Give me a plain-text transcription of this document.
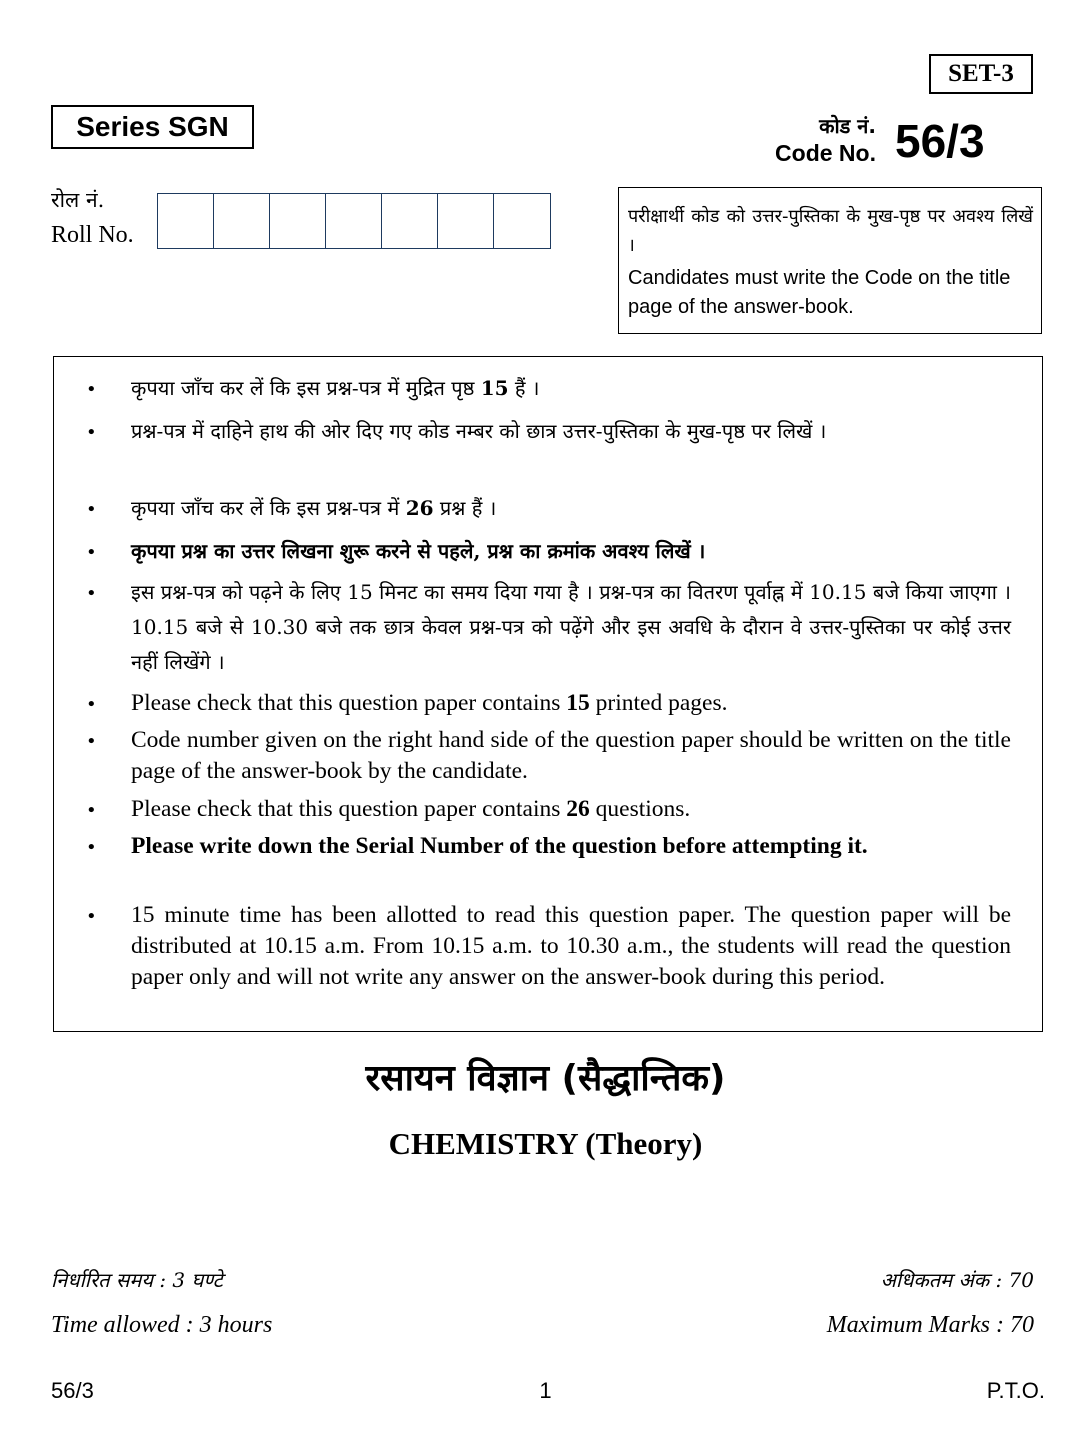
SET-3
Series SGN	कोड नं.
Code No. 56/3
रोल नं.
Roll No.
परीक्षार्थी कोड को उत्तर-पुस्तिका के मुख-पृष्ठ पर अवश्य लिखें ।
Candidates must write the Code on the title page of the answer-book.
• कृपया जाँच कर लें कि इस प्रश्न-पत्र में मुद्रित पृष्ठ 15 हैं ।
• प्रश्न-पत्र में दाहिने हाथ की ओर दिए गए कोड नम्बर को छात्र उत्तर-पुस्तिका के मुख-पृष्ठ पर लिखें ।
• कृपया जाँच कर लें कि इस प्रश्न-पत्र में 26 प्रश्न हैं ।
• कृपया प्रश्न का उत्तर लिखना शुरू करने से पहले, प्रश्न का क्रमांक अवश्य लिखें ।
• इस प्रश्न-पत्र को पढ़ने के लिए 15 मिनट का समय दिया गया है । प्रश्न-पत्र का वितरण पूर्वाह्न में 10.15 बजे किया जाएगा । 10.15 बजे से 10.30 बजे तक छात्र केवल प्रश्न-पत्र को पढ़ेंगे और इस अवधि के दौरान वे उत्तर-पुस्तिका पर कोई उत्तर नहीं लिखेंगे ।
• Please check that this question paper contains 15 printed pages.
• Code number given on the right hand side of the question paper should be written on the title page of the answer-book by the candidate.
• Please check that this question paper contains 26 questions.
• Please write down the Serial Number of the question before attempting it.
• 15 minute time has been allotted to read this question paper. The question paper will be distributed at 10.15 a.m. From 10.15 a.m. to 10.30 a.m., the students will read the question paper only and will not write any answer on the answer-book during this period.
रसायन विज्ञान (सैद्धान्तिक)
CHEMISTRY (Theory)
निर्धारित समय : 3 घण्टे
Time allowed : 3 hours
अधिकतम अंक : 70
Maximum Marks : 70
56/3	1	P.T.O.
